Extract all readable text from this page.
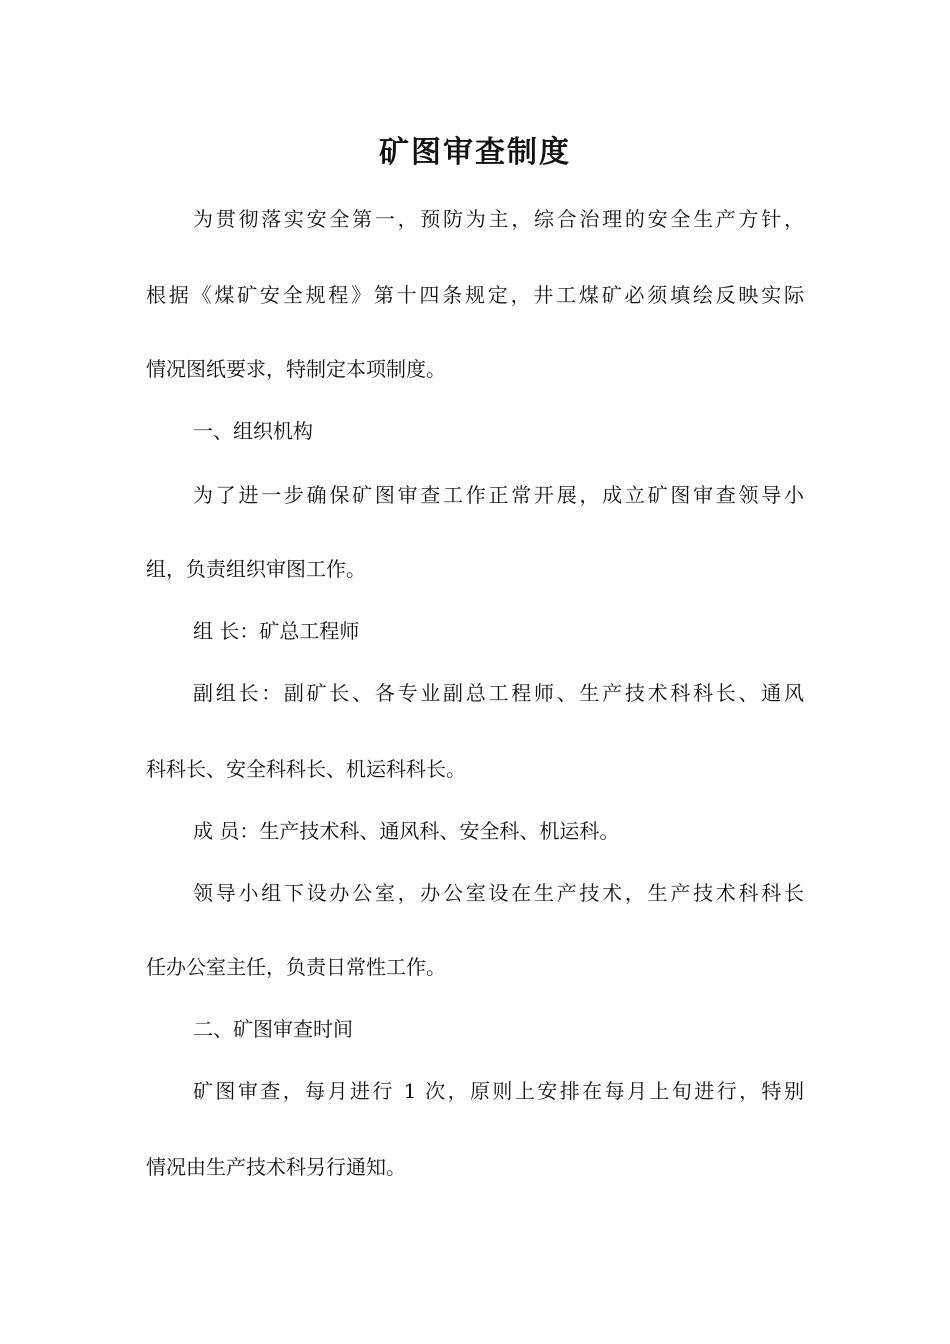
矿图审查制度
为贯彻落实安全第一，预防为主，综合治理的安全生产方针，
根据《煤矿安全规程》第十四条规定，井工煤矿必须填绘反映实际
情况图纸要求，特制定本项制度。
一、组织机构
为了进一步确保矿图审查工作正常开展，成立矿图审查领导小
组，负责组织审图工作。
组 长：矿总工程师
副组长：副矿长、各专业副总工程师、生产技术科科长、通风
科科长、安全科科长、机运科科长。
成 员：生产技术科、通风科、安全科、机运科。
领导小组下设办公室，办公室设在生产技术，生产技术科科长
任办公室主任，负责日常性工作。
二、矿图审查时间
矿图审查，每月进行 1 次，原则上安排在每月上旬进行，特别
情况由生产技术科另行通知。
